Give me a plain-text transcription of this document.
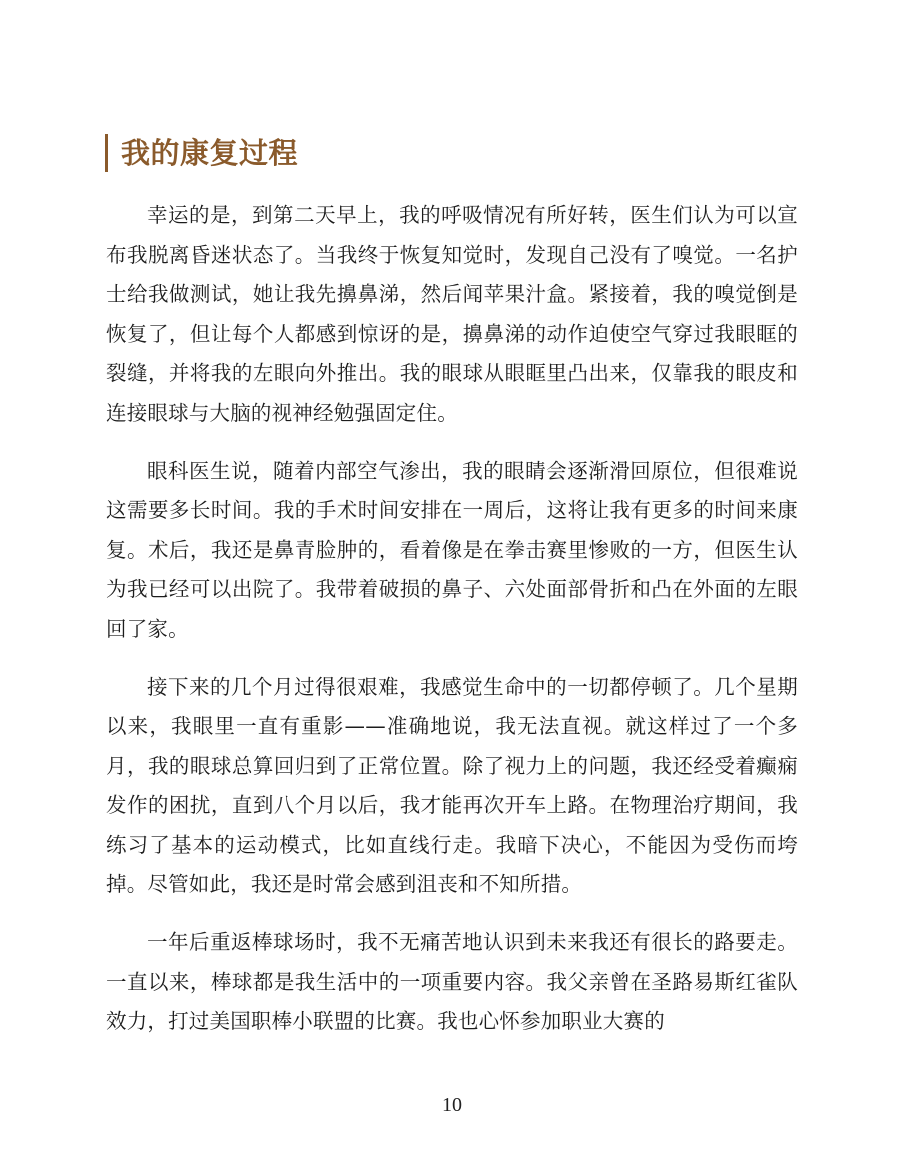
我的康复过程

幸运的是，到第二天早上，我的呼吸情况有所好转，医生们认为可以宣布我脱离昏迷状态了。当我终于恢复知觉时，发现自己没有了嗅觉。一名护士给我做测试，她让我先擤鼻涕，然后闻苹果汁盒。紧接着，我的嗅觉倒是恢复了，但让每个人都感到惊讶的是，擤鼻涕的动作迫使空气穿过我眼眶的裂缝，并将我的左眼向外推出。我的眼球从眼眶里凸出来，仅靠我的眼皮和连接眼球与大脑的视神经勉强固定住。

眼科医生说，随着内部空气渗出，我的眼睛会逐渐滑回原位，但很难说这需要多长时间。我的手术时间安排在一周后，这将让我有更多的时间来康复。术后，我还是鼻青脸肿的，看着像是在拳击赛里惨败的一方，但医生认为我已经可以出院了。我带着破损的鼻子、六处面部骨折和凸在外面的左眼回了家。

接下来的几个月过得很艰难，我感觉生命中的一切都停顿了。几个星期以来，我眼里一直有重影——准确地说，我无法直视。就这样过了一个多月，我的眼球总算回归到了正常位置。除了视力上的问题，我还经受着癫痫发作的困扰，直到八个月以后，我才能再次开车上路。在物理治疗期间，我练习了基本的运动模式，比如直线行走。我暗下决心，不能因为受伤而垮掉。尽管如此，我还是时常会感到沮丧和不知所措。

一年后重返棒球场时，我不无痛苦地认识到未来我还有很长的路要走。一直以来，棒球都是我生活中的一项重要内容。我父亲曾在圣路易斯红雀队效力，打过美国职棒小联盟的比赛。我也心怀参加职业大赛的

10
